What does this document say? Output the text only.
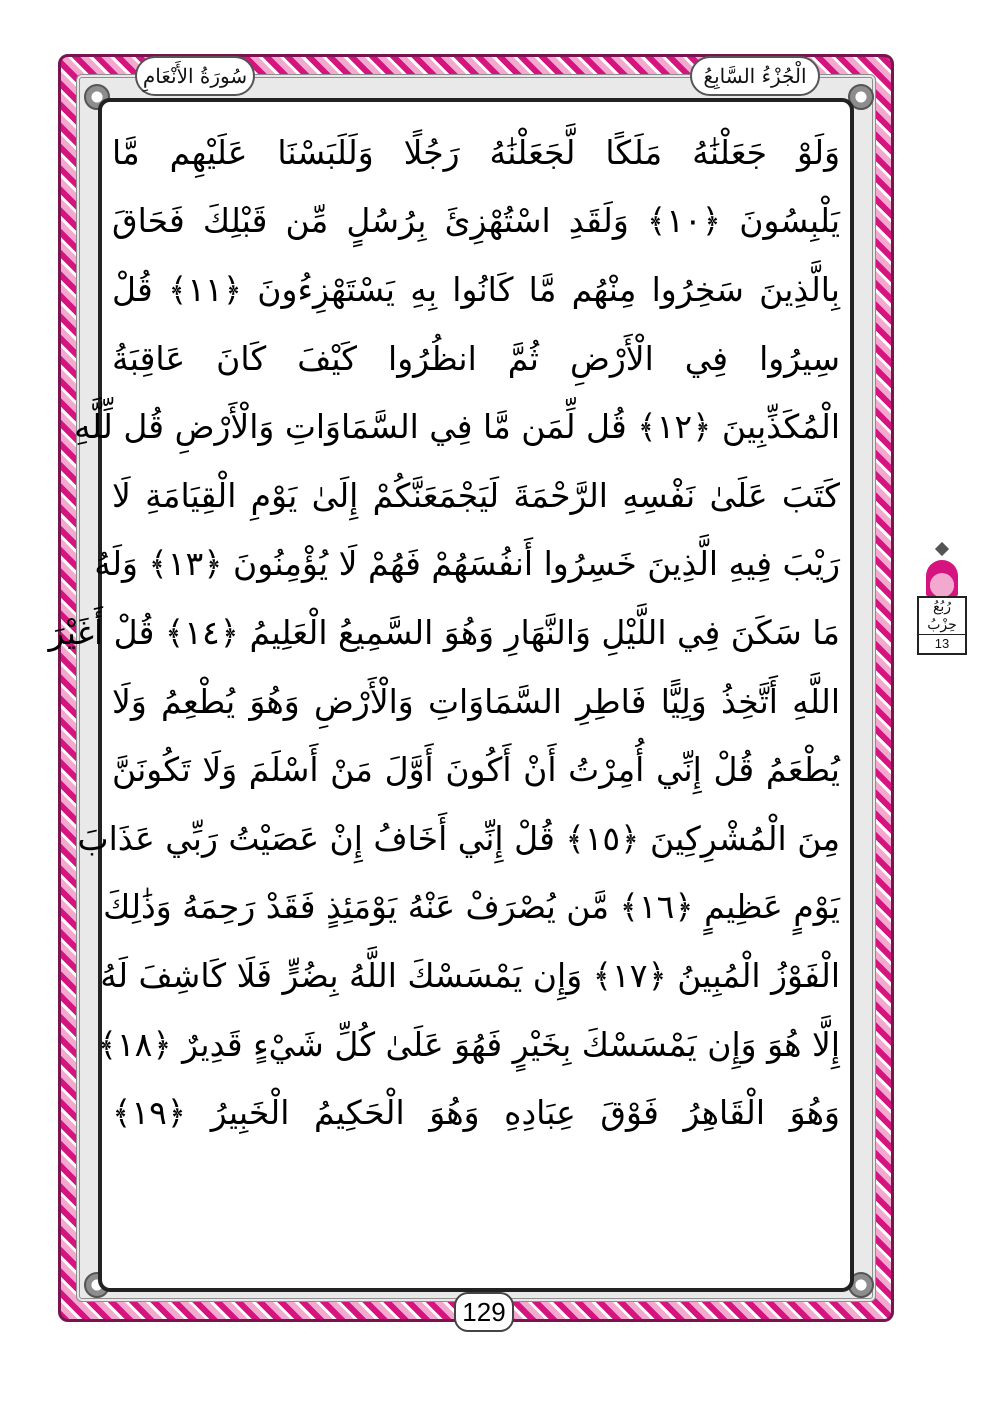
الْجُزْءُ السَّابِعُ
سُورَةُ الأَنْعَامِ
وَلَوْ جَعَلْنَٰهُ مَلَكًا لَّجَعَلْنَٰهُ رَجُلًا وَلَلَبَسْنَا عَلَيْهِم مَّا
يَلْبِسُونَ ﴿١٠﴾ وَلَقَدِ اسْتُهْزِئَ بِرُسُلٍ مِّن قَبْلِكَ فَحَاقَ
بِالَّذِينَ سَخِرُوا مِنْهُم مَّا كَانُوا بِهِ يَسْتَهْزِءُونَ ﴿١١﴾ قُلْ
سِيرُوا فِي الْأَرْضِ ثُمَّ انظُرُوا كَيْفَ كَانَ عَاقِبَةُ
الْمُكَذِّبِينَ ﴿١٢﴾ قُل لِّمَن مَّا فِي السَّمَاوَاتِ وَالْأَرْضِ قُل لِّلَّهِ
كَتَبَ عَلَىٰ نَفْسِهِ الرَّحْمَةَ لَيَجْمَعَنَّكُمْ إِلَىٰ يَوْمِ الْقِيَامَةِ لَا
رَيْبَ فِيهِ الَّذِينَ خَسِرُوا أَنفُسَهُمْ فَهُمْ لَا يُؤْمِنُونَ ﴿١٣﴾ وَلَهُ
مَا سَكَنَ فِي اللَّيْلِ وَالنَّهَارِ وَهُوَ السَّمِيعُ الْعَلِيمُ ﴿١٤﴾ قُلْ أَغَيْرَ
اللَّهِ أَتَّخِذُ وَلِيًّا فَاطِرِ السَّمَاوَاتِ وَالْأَرْضِ وَهُوَ يُطْعِمُ وَلَا
يُطْعَمُ قُلْ إِنِّي أُمِرْتُ أَنْ أَكُونَ أَوَّلَ مَنْ أَسْلَمَ وَلَا تَكُونَنَّ
مِنَ الْمُشْرِكِينَ ﴿١٥﴾ قُلْ إِنِّي أَخَافُ إِنْ عَصَيْتُ رَبِّي عَذَابَ
يَوْمٍ عَظِيمٍ ﴿١٦﴾ مَّن يُصْرَفْ عَنْهُ يَوْمَئِذٍ فَقَدْ رَحِمَهُ وَذَٰلِكَ
الْفَوْزُ الْمُبِينُ ﴿١٧﴾ وَإِن يَمْسَسْكَ اللَّهُ بِضُرٍّ فَلَا كَاشِفَ لَهُ
إِلَّا هُوَ وَإِن يَمْسَسْكَ بِخَيْرٍ فَهُوَ عَلَىٰ كُلِّ شَيْءٍ قَدِيرٌ ﴿١٨﴾
وَهُوَ الْقَاهِرُ فَوْقَ عِبَادِهِ وَهُوَ الْحَكِيمُ الْخَبِيرُ ﴿١٩﴾
129
رُبُعُ
حِزْبُ
13
